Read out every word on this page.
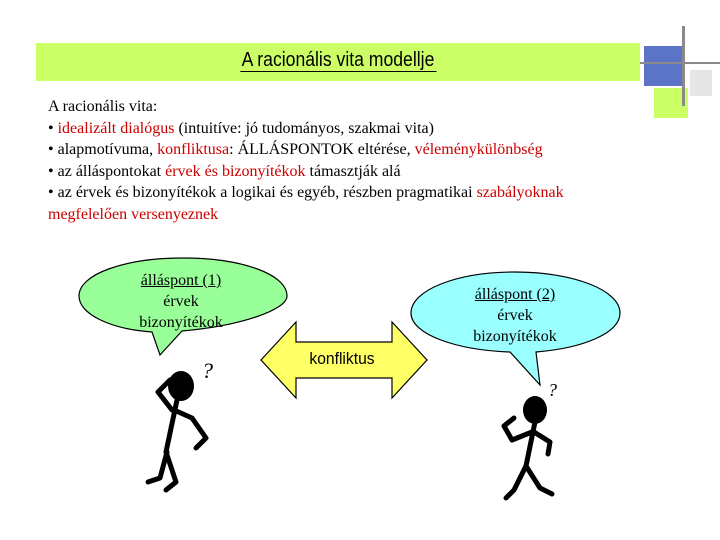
A racionális vita modellje

A racionális vita:

• idealizált dialógus (intuitíve: jó tudományos, szakmai vita)

• alapmotívuma, konfliktusa: ÁLLÁSPONTOK eltérése, véleménykülönbség

• az álláspontokat érvek és bizonyítékok támasztják alá

• az érvek és bizonyítékok a logikai és egyéb, részben pragmatikai szabályoknak

megfelelően versenyeznek

?
?
álláspont (1)
érvek
bizonyítékok
álláspont (2)
érvek
bizonyítékok
konfliktus
